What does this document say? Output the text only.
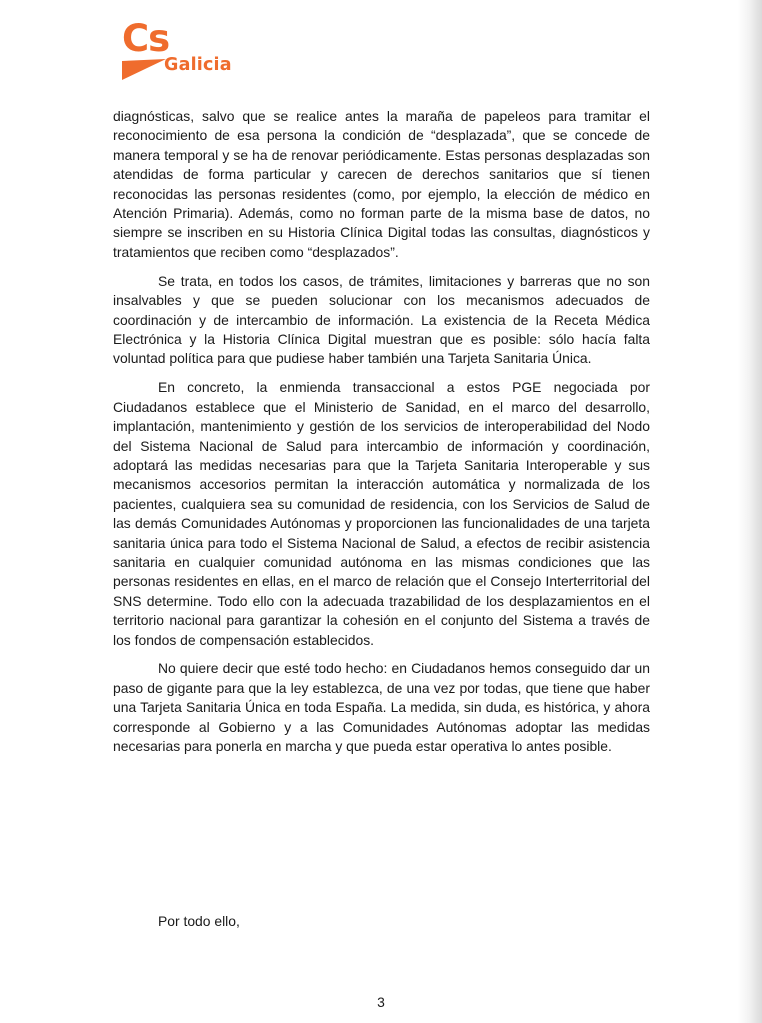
Cs
Galicia

diagnósticas, salvo que se realice antes la maraña de papeleos para tramitar el reconocimiento de esa persona la condición de “desplazada”, que se concede de manera temporal y se ha de renovar periódicamente. Estas personas desplazadas son atendidas de forma particular y carecen de derechos sanitarios que sí tienen reconocidas las personas residentes (como, por ejemplo, la elección de médico en Atención Primaria). Además, como no forman parte de la misma base de datos, no siempre se inscriben en su Historia Clínica Digital todas las consultas, diagnósticos y tratamientos que reciben como “desplazados”.

Se trata, en todos los casos, de trámites, limitaciones y barreras que no son insalvables y que se pueden solucionar con los mecanismos adecuados de coordinación y de intercambio de información. La existencia de la Receta Médica Electrónica y la Historia Clínica Digital muestran que es posible: sólo hacía falta voluntad política para que pudiese haber también una Tarjeta Sanitaria Única.

En concreto, la enmienda transaccional a estos PGE negociada por Ciudadanos establece que el Ministerio de Sanidad, en el marco del desarrollo, implantación, mantenimiento y gestión de los servicios de interoperabilidad del Nodo del Sistema Nacional de Salud para intercambio de información y coordinación, adoptará las medidas necesarias para que la Tarjeta Sanitaria Interoperable y sus mecanismos accesorios permitan la interacción automática y normalizada de los pacientes, cualquiera sea su comunidad de residencia, con los Servicios de Salud de las demás Comunidades Autónomas y proporcionen las funcionalidades de una tarjeta sanitaria única para todo el Sistema Nacional de Salud, a efectos de recibir asistencia sanitaria en cualquier comunidad autónoma en las mismas condiciones que las personas residentes en ellas, en el marco de relación que el Consejo Interterritorial del SNS determine. Todo ello con la adecuada trazabilidad de los desplazamientos en el territorio nacional para garantizar la cohesión en el conjunto del Sistema a través de los fondos de compensación establecidos.

No quiere decir que esté todo hecho: en Ciudadanos hemos conseguido dar un paso de gigante para que la ley establezca, de una vez por todas, que tiene que haber una Tarjeta Sanitaria Única en toda España. La medida, sin duda, es histórica, y ahora corresponde al Gobierno y a las Comunidades Autónomas adoptar las medidas necesarias para ponerla en marcha y que pueda estar operativa lo antes posible.

Por todo ello,

3
